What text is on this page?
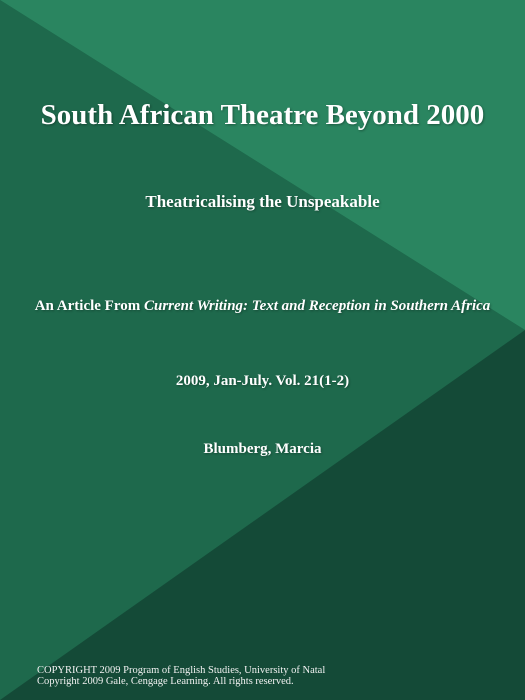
South African Theatre Beyond 2000
Theatricalising the Unspeakable
An Article From Current Writing: Text and Reception in Southern Africa
2009, Jan-July. Vol. 21(1-2)
Blumberg, Marcia
COPYRIGHT 2009 Program of English Studies, University of Natal
Copyright 2009 Gale, Cengage Learning. All rights reserved.
